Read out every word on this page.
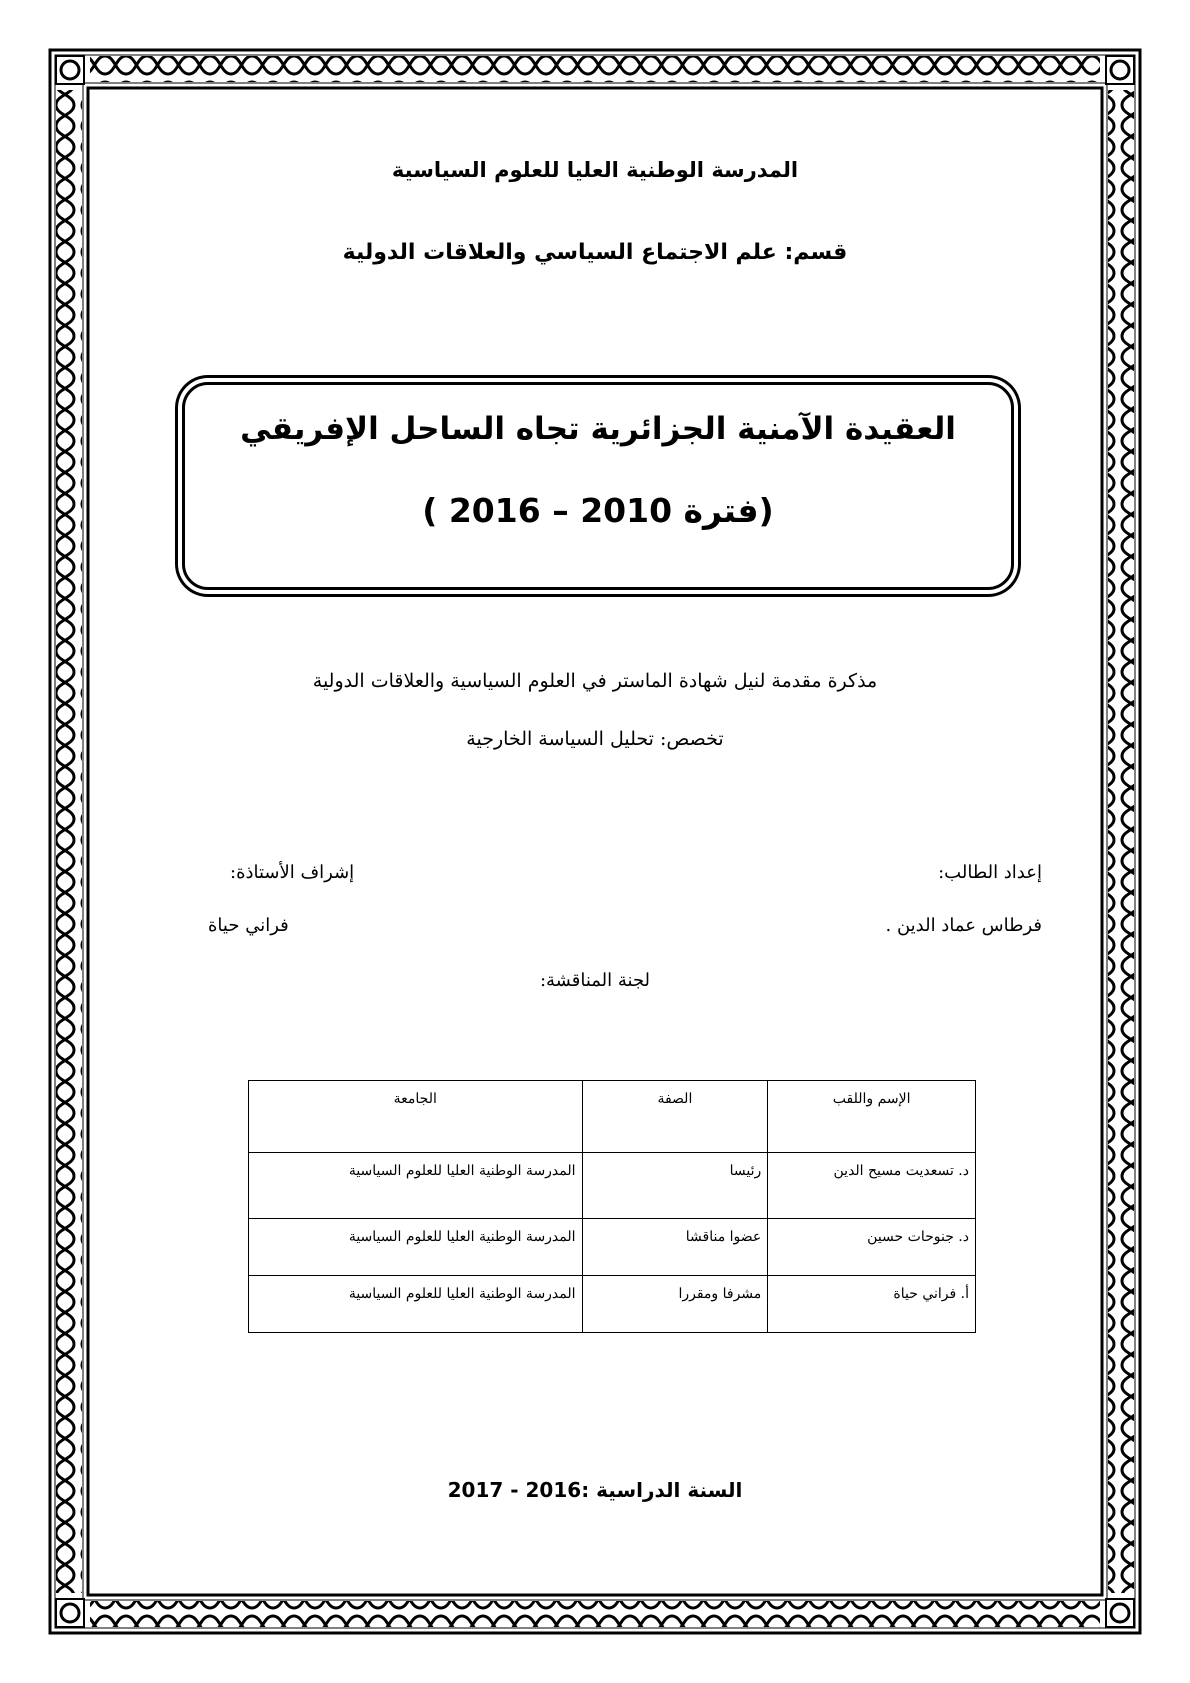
المدرسة الوطنية العليا للعلوم السياسية
قسم: علم الاجتماع السياسي والعلاقات الدولية
العقيدة الآمنية الجزائرية تجاه الساحل الإفريقي
(فترة 2010 – 2016 )
مذكرة مقدمة لنيل شهادة الماستر في العلوم السياسية والعلاقات الدولية
تخصص: تحليل السياسة الخارجية
إعداد الطالب:
فرطاس عماد الدين .
إشراف الأستاذة:
فراني حياة
لجنة المناقشة:
الإسم واللقب	الصفة	الجامعة
د. تسعديت مسيح الدين	رئيسا	المدرسة الوطنية العليا للعلوم السياسية
د. جنوحات حسين	عضوا مناقشا	المدرسة الوطنية العليا للعلوم السياسية
أ. فراني حياة	مشرفا ومقررا	المدرسة الوطنية العليا للعلوم السياسية
السنة الدراسية :2016 - 2017
